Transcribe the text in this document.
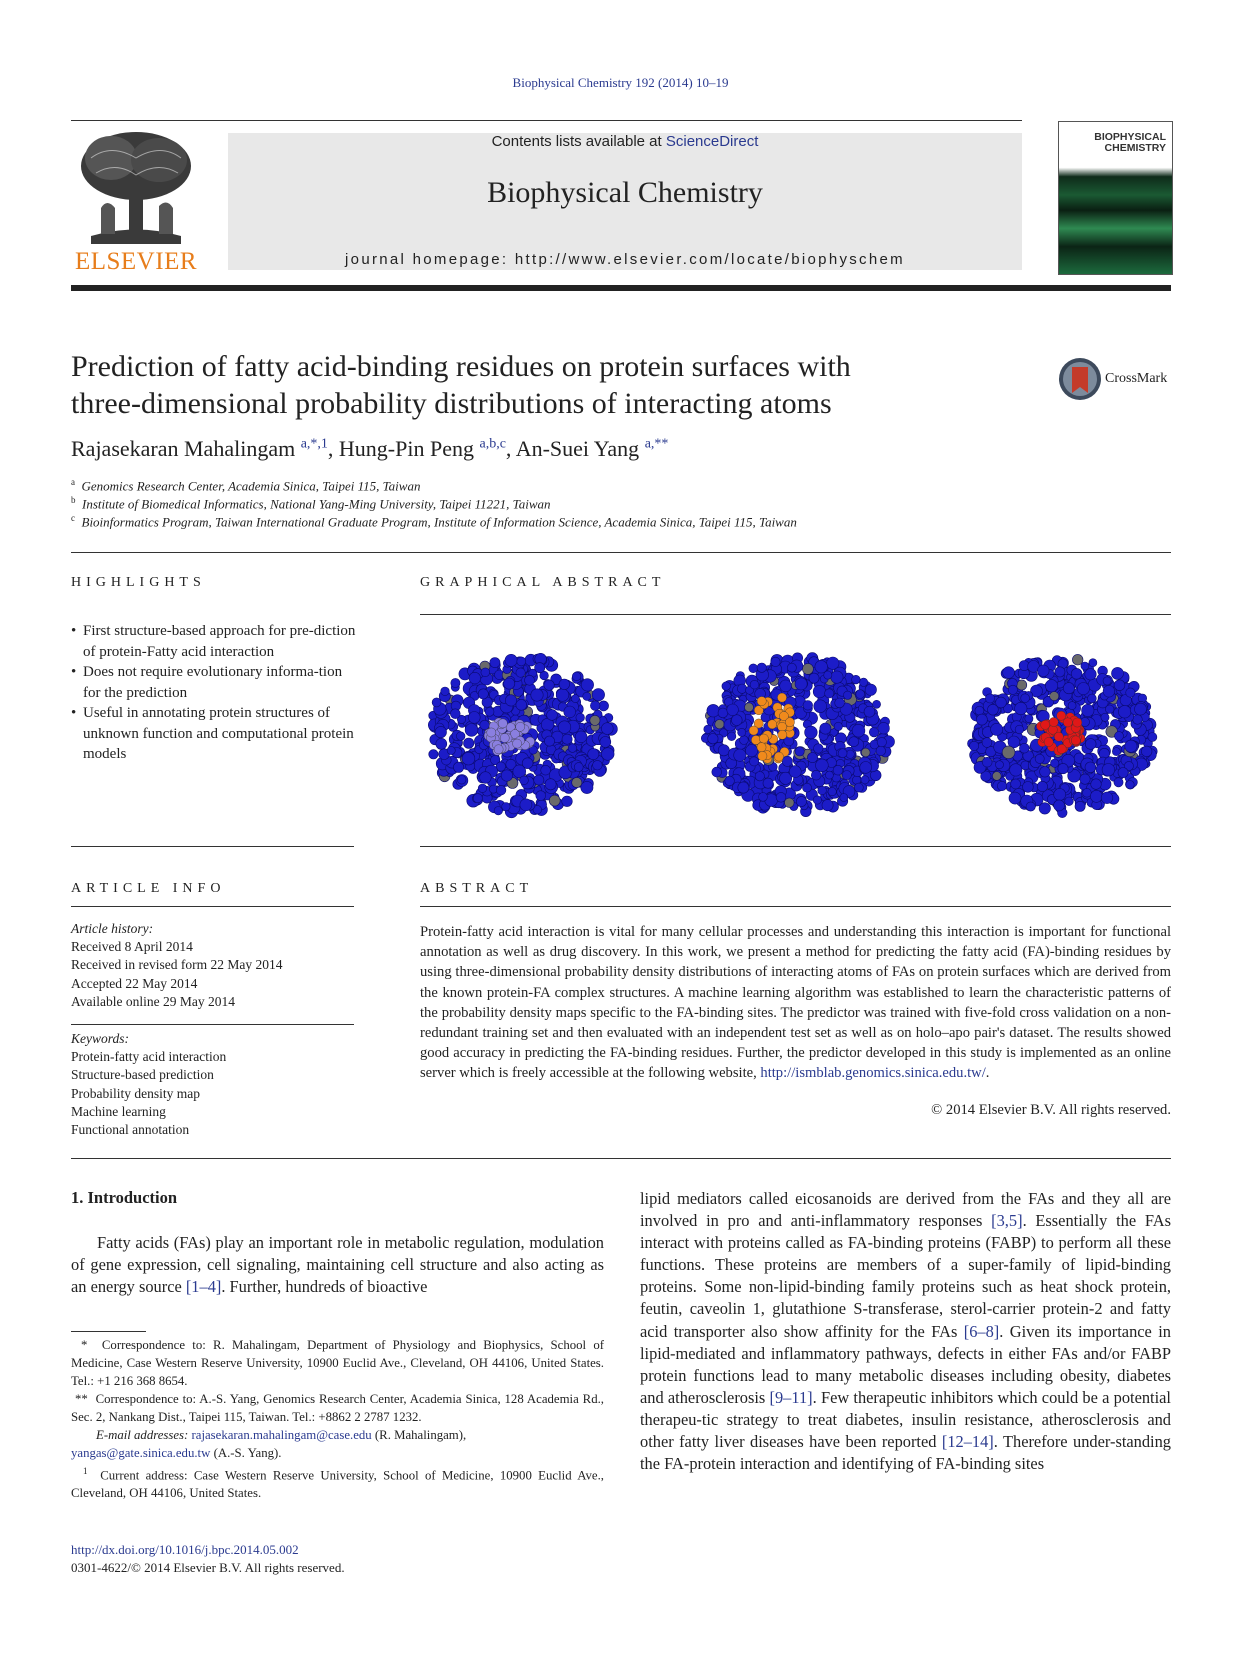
Biophysical Chemistry 192 (2014) 10–19
ELSEVIER
Contents lists available at ScienceDirect
Biophysical Chemistry
journal homepage: http://www.elsevier.com/locate/biophyschem
BIOPHYSICAL
CHEMISTRY
Prediction of fatty acid-binding residues on protein surfaces with
three-dimensional probability distributions of interacting atoms
CrossMark
Rajasekaran Mahalingam $^{a,*,1}$, Hung-Pin Peng $^{a,b,c}$, An-Suei Yang $^{a,**}$
$^a$ Genomics Research Center, Academia Sinica, Taipei 115, Taiwan
$^b$ Institute of Biomedical Informatics, National Yang-Ming University, Taipei 11221, Taiwan
$^c$ Bioinformatics Program, Taiwan International Graduate Program, Institute of Information Science, Academia Sinica, Taipei 115, Taiwan
HIGHLIGHTS
• First structure-based approach for pre-diction of protein-Fatty acid interaction
• Does not require evolutionary informa-tion for the prediction
• Useful in annotating protein structures of unknown function and computational protein models
GRAPHICAL ABSTRACT
ARTICLE INFO
Article history:
Received 8 April 2014
Received in revised form 22 May 2014
Accepted 22 May 2014
Available online 29 May 2014
Keywords:
Protein-fatty acid interaction
Structure-based prediction
Probability density map
Machine learning
Functional annotation
ABSTRACT
Protein-fatty acid interaction is vital for many cellular processes and understanding this interaction is important for functional annotation as well as drug discovery. In this work, we present a method for predicting the fatty acid (FA)-binding residues by using three-dimensional probability density distributions of interacting atoms of FAs on protein surfaces which are derived from the known protein-FA complex structures. A machine learning algorithm was established to learn the characteristic patterns of the probability density maps specific to the FA-binding sites. The predictor was trained with five-fold cross validation on a non-redundant training set and then evaluated with an independent test set as well as on holo–apo pair's dataset. The results showed good accuracy in predicting the FA-binding residues. Further, the predictor developed in this study is implemented as an online server which is freely accessible at the following website, http://ismblab.genomics.sinica.edu.tw/.
© 2014 Elsevier B.V. All rights reserved.
1. Introduction
Fatty acids (FAs) play an important role in metabolic regulation, modulation of gene expression, cell signaling, maintaining cell structure and also acting as an energy source [1–4]. Further, hundreds of bioactive
lipid mediators called eicosanoids are derived from the FAs and they all are involved in pro and anti-inflammatory responses [3,5]. Essentially the FAs interact with proteins called as FA-binding proteins (FABP) to perform all these functions. These proteins are members of a super-family of lipid-binding proteins. Some non-lipid-binding family proteins such as heat shock protein, feutin, caveolin 1, glutathione S-transferase, sterol-carrier protein-2 and fatty acid transporter also show affinity for the FAs [6–8]. Given its importance in lipid-mediated and inflammatory pathways, defects in either FAs and/or FABP protein functions lead to many metabolic diseases including obesity, diabetes and atherosclerosis [9–11]. Few therapeutic inhibitors which could be a potential therapeu-tic strategy to treat diabetes, insulin resistance, atherosclerosis and other fatty liver diseases have been reported [12–14]. Therefore under-standing the FA-protein interaction and identifying of FA-binding sites
* Correspondence to: R. Mahalingam, Department of Physiology and Biophysics, School of Medicine, Case Western Reserve University, 10900 Euclid Ave., Cleveland, OH 44106, United States. Tel.: +1 216 368 8654.
** Correspondence to: A.-S. Yang, Genomics Research Center, Academia Sinica, 128 Academia Rd., Sec. 2, Nankang Dist., Taipei 115, Taiwan. Tel.: +8862 2 2787 1232.
E-mail addresses: rajasekaran.mahalingam@case.edu (R. Mahalingam),
yangas@gate.sinica.edu.tw (A.-S. Yang).
$^1$ Current address: Case Western Reserve University, School of Medicine, 10900 Euclid Ave., Cleveland, OH 44106, United States.
http://dx.doi.org/10.1016/j.bpc.2014.05.002
0301-4622/© 2014 Elsevier B.V. All rights reserved.
